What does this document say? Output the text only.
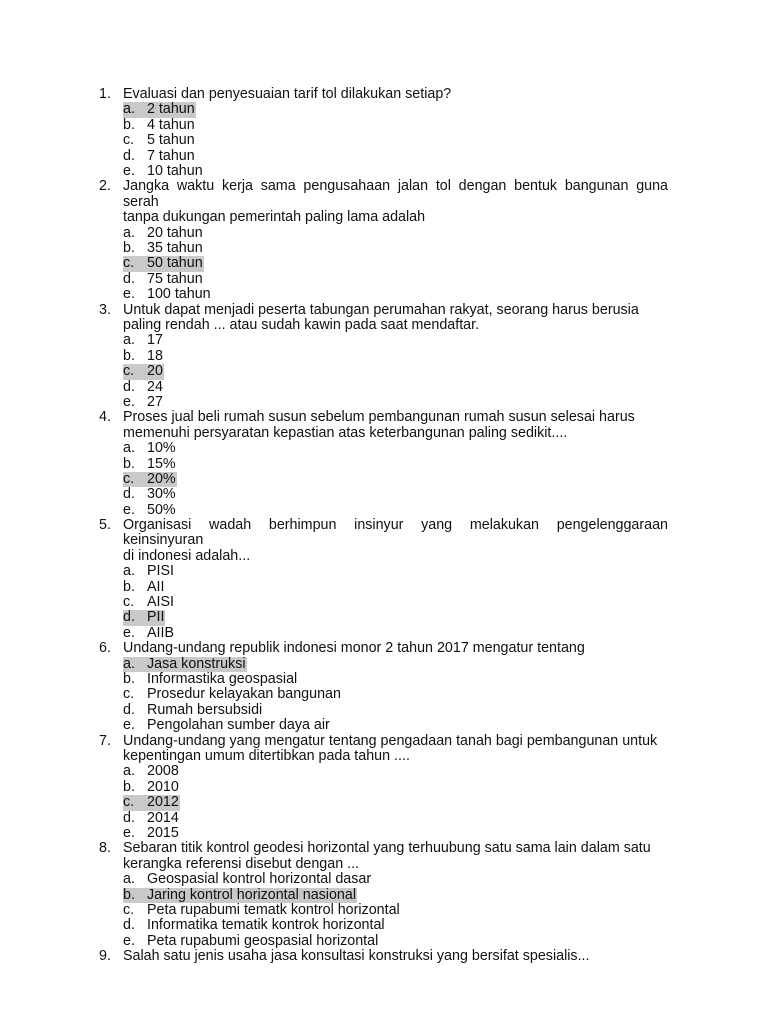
1. Evaluasi dan penyesuaian tarif tol dilakukan setiap?
a. 2 tahun
b. 4 tahun
c. 5 tahun
d. 7 tahun
e. 10 tahun
2. Jangka waktu kerja sama pengusahaan jalan tol dengan bentuk bangunan guna serah
tanpa dukungan pemerintah paling lama adalah
a. 20 tahun
b. 35 tahun
c. 50 tahun
d. 75 tahun
e. 100 tahun
3. Untuk dapat menjadi peserta tabungan perumahan rakyat, seorang harus berusia
paling rendah ... atau sudah kawin pada saat mendaftar.
a. 17
b. 18
c. 20
d. 24
e. 27
4. Proses jual beli rumah susun sebelum pembangunan rumah susun selesai harus
memenuhi persyaratan kepastian atas keterbangunan paling sedikit....
a. 10%
b. 15%
c. 20%
d. 30%
e. 50%
5. Organisasi wadah berhimpun insinyur yang melakukan pengelenggaraan keinsinyuran
di indonesi adalah...
a. PISI
b. AII
c. AISI
d. PII
e. AIIB
6. Undang-undang republik indonesi monor 2 tahun 2017 mengatur tentang
a. Jasa konstruksi
b. Informastika geospasial
c. Prosedur kelayakan bangunan
d. Rumah bersubsidi
e. Pengolahan sumber daya air
7. Undang-undang yang mengatur tentang pengadaan tanah bagi pembangunan untuk
kepentingan umum ditertibkan pada tahun ....
a. 2008
b. 2010
c. 2012
d. 2014
e. 2015
8. Sebaran titik kontrol geodesi horizontal yang terhuubung satu sama lain dalam satu
kerangka referensi disebut dengan ...
a. Geospasial kontrol horizontal dasar
b. Jaring kontrol horizontal nasional
c. Peta rupabumi tematk kontrol horizontal
d. Informatika tematik kontrok horizontal
e. Peta rupabumi geospasial horizontal
9. Salah satu jenis usaha jasa konsultasi konstruksi yang bersifat spesialis...
